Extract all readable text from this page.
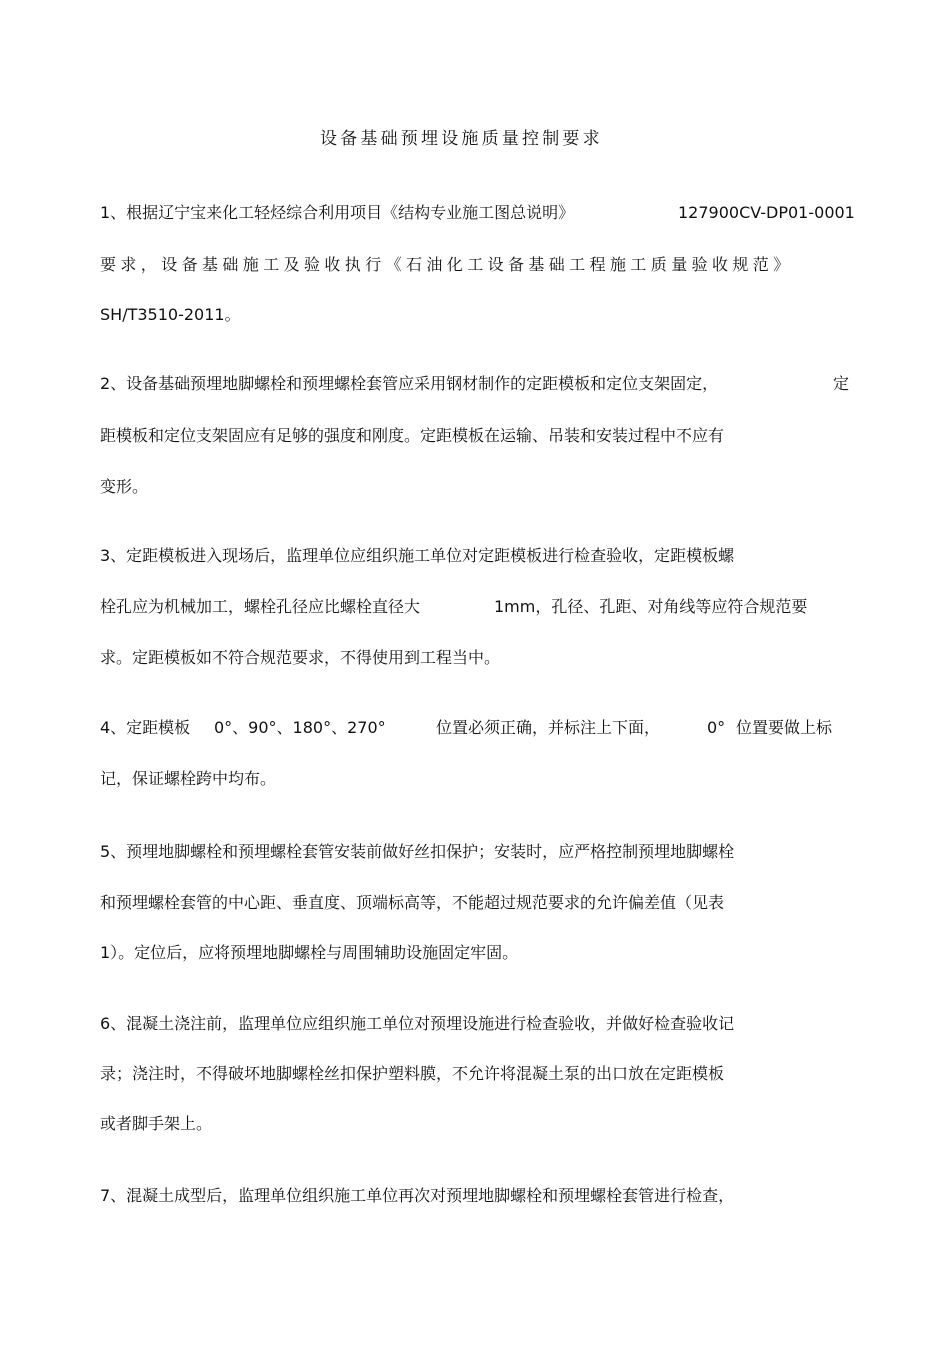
设备基础预埋设施质量控制要求
1、根据辽宁宝来化工轻烃综合利用项目《结构专业施工图总说明》	127900CV-DP01-0001
要求，设备基础施工及验收执行《石油化工设备基础工程施工质量验收规范》
SH/T3510-2011。
2、设备基础预埋地脚螺栓和预埋螺栓套管应采用钢材制作的定距模板和定位支架固定，	定
距模板和定位支架固应有足够的强度和刚度。定距模板在运输、吊装和安装过程中不应有
变形。
3、定距模板进入现场后，监理单位应组织施工单位对定距模板进行检查验收，定距模板螺
栓孔应为机械加工，螺栓孔径应比螺栓直径大	1mm，孔径、孔距、对角线等应符合规范要
求。定距模板如不符合规范要求，不得使用到工程当中。
4、定距模板 0°、90°、180°、270°	位置必须正确，并标注上下面，	0° 位置要做上标
记，保证螺栓跨中均布。
5、预埋地脚螺栓和预埋螺栓套管安装前做好丝扣保护；安装时，应严格控制预埋地脚螺栓
和预埋螺栓套管的中心距、垂直度、顶端标高等，不能超过规范要求的允许偏差值（见表
1）。定位后，应将预埋地脚螺栓与周围辅助设施固定牢固。
6、混凝土浇注前，监理单位应组织施工单位对预埋设施进行检查验收，并做好检查验收记
录；浇注时，不得破坏地脚螺栓丝扣保护塑料膜，不允许将混凝土泵的出口放在定距模板
或者脚手架上。
7、混凝土成型后，监理单位组织施工单位再次对预埋地脚螺栓和预埋螺栓套管进行检查，
